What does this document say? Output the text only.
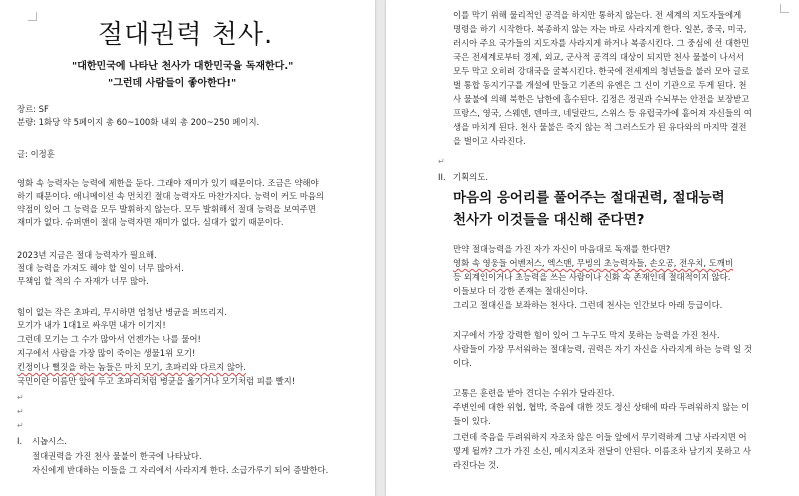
절대권력 천사.
"대한민국에 나타난 천사가 대한민국을 독재한다."
"그런데 사람들이 좋아한다!"
장르: SF
분량: 1화당 약 5페이지 총 60~100화 내외 총 200~250 페이지.
글: 이정훈
영화 속 능력자는 능력에 제한을 둔다. 그래야 재미가 있기 때문이다. 조금은 약해야
하기 때문이다. 애니메이션 속 먼치킨 절대 능력자도 마찬가지다. 능력이 커도 마음의
약점이 있어 그 능력을 모두 발휘하지 않는다. 모두 발휘해서 절대 능력을 보여주면
재미가 없다. 슈퍼맨이 절대 능력자면 재미가 없다. 심대가 없기 때문이다.
2023년 지금은 절대 능력자가 필요해.
절대 능력을 가져도 해야 할 일이 너무 많아서.
무책임 할 적의 수 자재가 너무 많아.
힘이 없는 작은 초파리, 무시하면 엄청난 병균을 퍼뜨리지.
모기가 내가 1대1로 싸우면 내가 이기지!
그런데 모기는 그 수가 많아서 언젠가는 나를 물어!
지구에서 사람을 가장 많이 죽이는 생물1위 모기!
킨정이나 뻘짓을 하는 놈들은 마치 모기, 초파리와 다르지 않아.
국민이란 이름만 앞에 두고 초파리처럼 병균을 옮기거나 모기처럼 피를 빨지!
↵
↵
↵
I. 시놉시스.
절대권력을 가진 천사 물불이 한국에 나타났다.
자신에게 반대하는 이들을 그 자리에서 사라지게 한다. 소급가루기 되어 증발한다.
이를 막기 위해 물리적인 공격을 하지만 통하지 않는다. 전 세계의 지도자들에게
명령을 하기 시작한다. 복종하지 않는 자는 바로 사라지게 한다. 일본, 중국, 미국,
러시아 주요 국가들의 지도자를 사라지게 하거나 복종시킨다. 그 중심에 선 대한민
국은 전세계로부터 경제, 외교, 군사적 공격의 대상이 되지만 천사 물불이 나서서
모두 막고 오히려 강대국을 굴복시킨다. 한국에 전세계의 청년들을 불러 모아 글로
벌 통합 동지기구를 개설에 만들고 기존의 유엔은 그 신이 기관으로 두게 된다. 천
사 물불에 의해 북한은 남한에 흡수된다. 김정은 정권과 수뇌부는 안전을 보장받고
프랑스, 영국, 스웨덴, 덴마크, 네덜란드, 스위스 등 유럽국가에 흩어져 자신들의 여
생을 마치게 된다. 천사 물불은 죽지 않는 적 그러스도가 된 유다와의 마지막 결전
을 벌이고 사라진다.
↵
II. 기획의도.
마음의 응어리를 풀어주는 절대권력, 절대능력
천사가 이것들을 대신해 준다면?
만약 절대능력을 가진 자가 자신이 마음대로 독재를 한다면?
영화 속 영웅들 어벤저스, 엑스맨, 무빙의 초능력자들, 손오공, 전우치, 도깨비
등 외계인이거나 초능력을 쓰는 사람이나 신화 속 존재인데 절대적이지 않다.
이들보다 더 강한 존재는 절대신이다.
그리고 절대신을 보좌하는 천사다. 그런데 천사는 인간보다 아래 등급이다.
지구에서 가장 강력한 힘이 있어 그 누구도 막지 못하는 능력을 가진 천사.
사람들이 가장 무서워하는 절대능력, 권력은 자기 자신을 사라지게 하는 능력 일 것
이다.
고통은 훈련을 받아 견디는 수위가 달라진다.
주변인에 대한 위협, 협박, 죽음에 대한 것도 정신 상태에 따라 두려워하지 않는 이
들이 있다.
그런데 죽음을 두려워하지 자조차 않은 이들 앞에서 무기력하게 그냥 사라지면 어
떻게 될까? 그가 가진 소신, 메시지조차 전달이 안된다. 이름조차 남기지 못하고 사
라진다는 것.
